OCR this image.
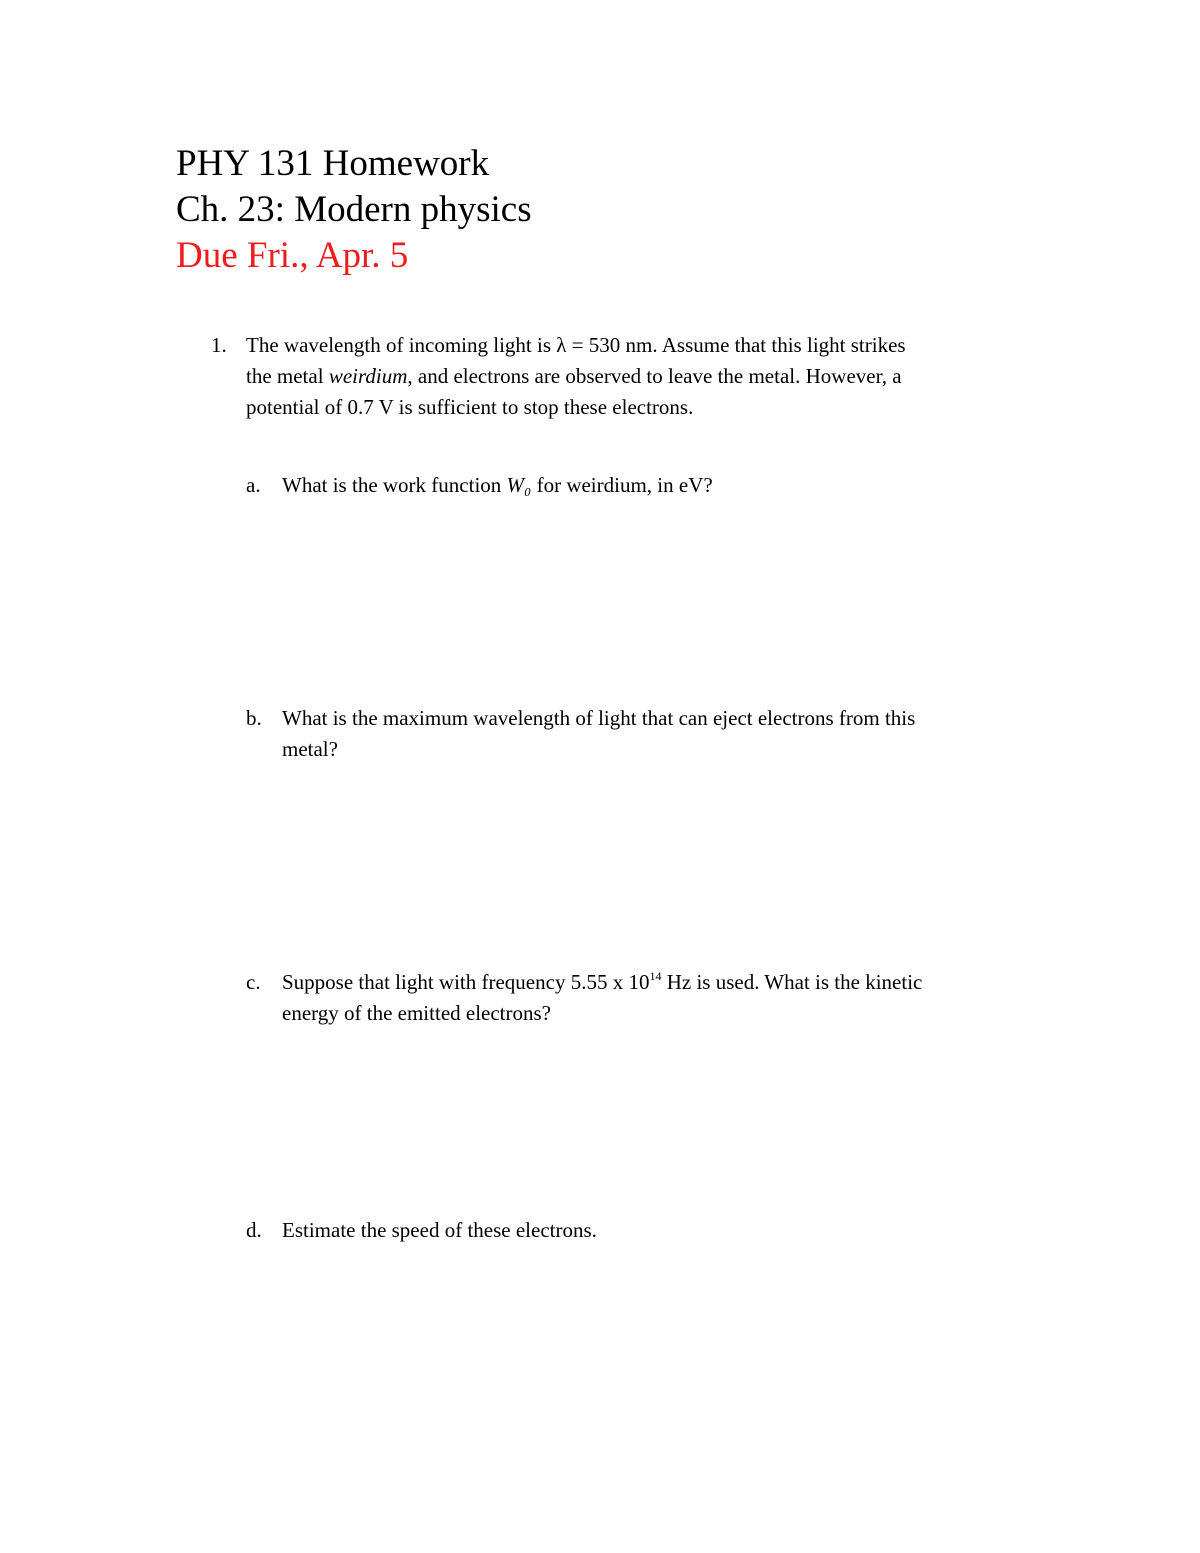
PHY 131 Homework
Ch. 23: Modern physics
Due Fri., Apr. 5
1. The wavelength of incoming light is λ = 530 nm. Assume that this light strikes
the metal weirdium, and electrons are observed to leave the metal. However, a
potential of 0.7 V is sufficient to stop these electrons.
a. What is the work function W₀ for weirdium, in eV?
b. What is the maximum wavelength of light that can eject electrons from this
metal?
c. Suppose that light with frequency 5.55 x $10^{14}$ Hz is used. What is the kinetic
energy of the emitted electrons?
d. Estimate the speed of these electrons.
